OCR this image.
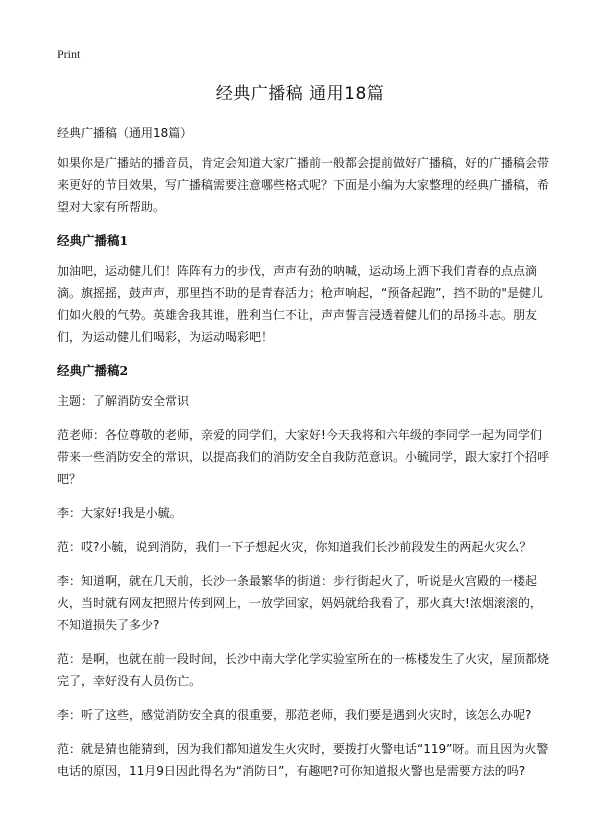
Print
经典广播稿 通用18篇

经典广播稿（通用18篇）

如果你是广播站的播音员，肯定会知道大家广播前一般都会提前做好广播稿，好的广播稿会带来更好的节目效果，写广播稿需要注意哪些格式呢？下面是小编为大家整理的经典广播稿，希望对大家有所帮助。

经典广播稿1

加油吧，运动健儿们！阵阵有力的步伐，声声有劲的呐喊，运动场上洒下我们青春的点点滴滴。旗摇摇，鼓声声，那里挡不助的是青春活力；枪声响起，“预备起跑”，挡不助的"是健儿们如火般的气势。英雄舍我其谁，胜利当仁不让，声声誓言浸透着健儿们的昂扬斗志。朋友们，为运动健儿们喝彩，为运动喝彩吧！

经典广播稿2

主题：了解消防安全常识

范老师：各位尊敬的老师，亲爱的同学们，大家好!今天我将和六年级的李同学一起为同学们带来一些消防安全的常识，以提高我们的消防安全自我防范意识。小毓同学，跟大家打个招呼吧？

李：大家好!我是小毓。

范：哎?小毓，说到消防，我们一下子想起火灾，你知道我们长沙前段发生的两起火灾么？

李：知道啊，就在几天前，长沙一条最繁华的街道：步行街起火了，听说是火宫殿的一楼起火，当时就有网友把照片传到网上，一放学回家，妈妈就给我看了，那火真大!浓烟滚滚的，不知道损失了多少?

范：是啊，也就在前一段时间，长沙中南大学化学实验室所在的一栋楼发生了火灾，屋顶都烧完了，幸好没有人员伤亡。

李：听了这些，感觉消防安全真的很重要，那范老师，我们要是遇到火灾时，该怎么办呢?

范：就是猜也能猜到，因为我们都知道发生火灾时，要拨打火警电话“119”呀。而且因为火警电话的原因，11月9日因此得名为“消防日”，有趣吧?可你知道报火警也是需要方法的吗?
